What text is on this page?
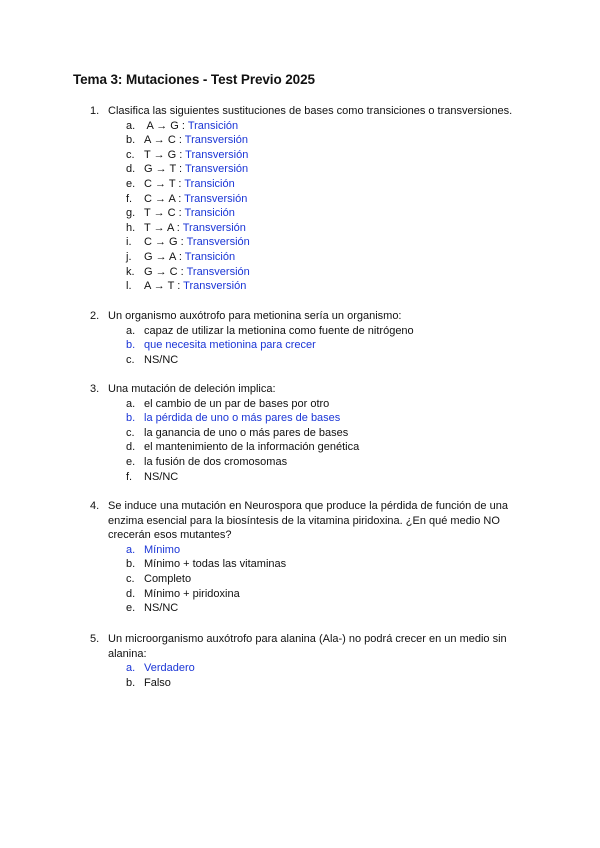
Tema 3: Mutaciones - Test Previo 2025
1. Clasifica las siguientes sustituciones de bases como transiciones o transversiones.
a. A → G : Transición
b. A → C : Transversión
c. T → G : Transversión
d. G → T : Transversión
e. C → T : Transición
f. C → A : Transversión
g. T → C : Transición
h. T → A : Transversión
i. C → G : Transversión
j. G → A : Transición
k. G → C : Transversión
l. A → T : Transversión
2. Un organismo auxótrofo para metionina sería un organismo:
a. capaz de utilizar la metionina como fuente de nitrógeno
b. que necesita metionina para crecer
c. NS/NC
3. Una mutación de deleción implica:
a. el cambio de un par de bases por otro
b. la pérdida de uno o más pares de bases
c. la ganancia de uno o más pares de bases
d. el mantenimiento de la información genética
e. la fusión de dos cromosomas
f. NS/NC
4. Se induce una mutación en Neurospora que produce la pérdida de función de una enzima esencial para la biosíntesis de la vitamina piridoxina. ¿En qué medio NO crecerán esos mutantes?
a. Mínimo
b. Mínimo + todas las vitaminas
c. Completo
d. Mínimo + piridoxina
e. NS/NC
5. Un microorganismo auxótrofo para alanina (Ala-) no podrá crecer en un medio sin alanina:
a. Verdadero
b. Falso
